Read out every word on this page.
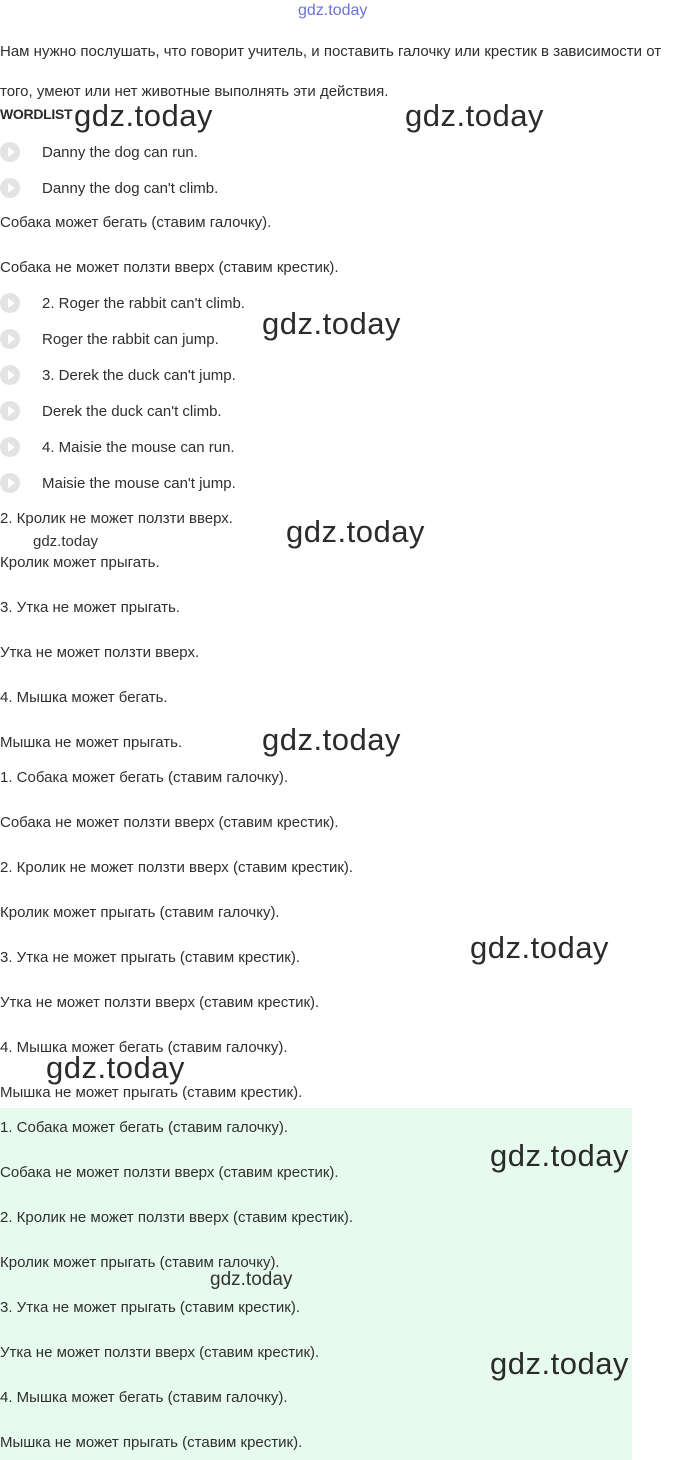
gdz.today
Нам нужно послушать, что говорит учитель, и поставить галочку или крестик в зависимости от того, умеют или нет животные выполнять эти действия.
WORDLIST
Danny the dog can run.
Danny the dog can't climb.
Собака может бегать (ставим галочку).
Собака не может ползти вверх (ставим крестик).
2. Roger the rabbit can't climb.
Roger the rabbit can jump.
3. Derek the duck can't jump.
Derek the duck can't climb.
4. Maisie the mouse can run.
Maisie the mouse can't jump.
2. Кролик не может ползти вверх.
Кролик может прыгать.
3. Утка не может прыгать.
Утка не может ползти вверх.
4. Мышка может бегать.
Мышка не может прыгать.
1. Собака может бегать (ставим галочку).
Собака не может ползти вверх (ставим крестик).
2. Кролик не может ползти вверх (ставим крестик).
Кролик может прыгать (ставим галочку).
3. Утка не может прыгать (ставим крестик).
Утка не может ползти вверх (ставим крестик).
4. Мышка может бегать (ставим галочку).
Мышка не может прыгать (ставим крестик).
1. Собака может бегать (ставим галочку).
Собака не может ползти вверх (ставим крестик).
2. Кролик не может ползти вверх (ставим крестик).
Кролик может прыгать (ставим галочку).
3. Утка не может прыгать (ставим крестик).
Утка не может ползти вверх (ставим крестик).
4. Мышка может бегать (ставим галочку).
Мышка не может прыгать (ставим крестик).
gdz.today	gdz.today
gdz.today
gdz.today
gdz.today
gdz.today
gdz.today
gdz.today
gdz.today
gdz.today
gdz.today
